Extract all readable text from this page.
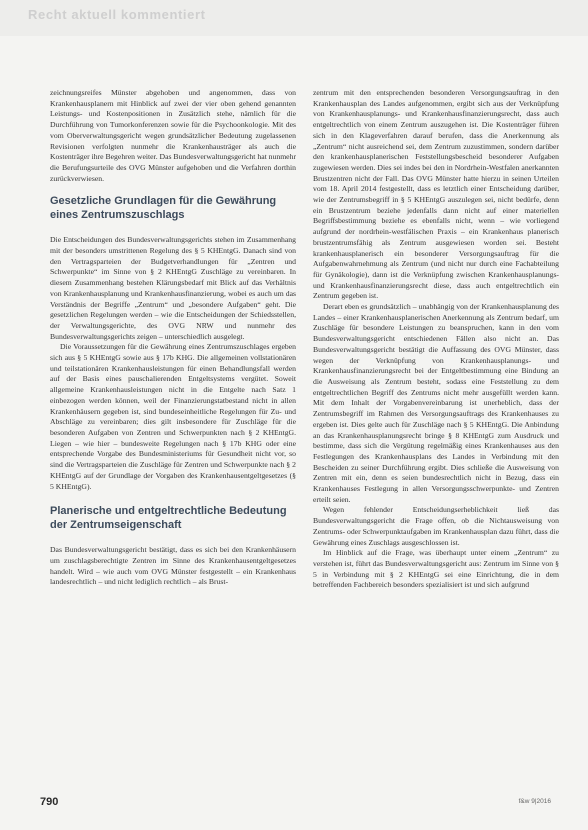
Recht aktuell kommentiert

zeichnungsreifes Münster abgehoben und angenommen, dass von Krankenhausplanern mit Hinblick auf zwei der vier oben gehend genannten Leistungs- und Kostenpositionen in Zusätzlich stehe, nämlich für die Durchführung von Tumorkonferenzen sowie für die Psychoonkologie. Mit des vom Oberverwaltungsgericht wegen grundsätzlicher Bedeutung zugelassenen Revisionen verfolgten nunmehr die Krankenhausträger als auch die Kostenträger ihre Begehren weiter. Das Bundesverwaltungsgericht hat nunmehr die Berufungsurteile des OVG Münster aufgehoben und die Verfahren dorthin zurückverwiesen.

Gesetzliche Grundlagen für die Gewährung eines Zentrumszuschlags

Die Entscheidungen des Bundesverwaltungsgerichts stehen im Zusammenhang mit der besonders umstrittenen Regelung des § 5 KHEntgG. Danach sind von den Vertragsparteien der Budgetverhandlungen für „Zentren und Schwerpunkte“ im Sinne von § 2 KHEntgG Zuschläge zu vereinbaren. In diesem Zusammenhang bestehen Klärungsbedarf mit Blick auf das Verhältnis von Krankenhausplanung und Krankenhausfinanzierung, wobei es auch um das Verständnis der Begriffe „Zentrum“ und „besondere Aufgaben“ geht. Die gesetzlichen Regelungen werden – wie die Entscheidungen der Schiedsstellen, der Verwaltungsgerichte, des OVG NRW und nunmehr des Bundesverwaltungsgerichts zeigen – unterschiedlich ausgelegt.

Die Voraussetzungen für die Gewährung eines Zentrumszuschlages ergeben sich aus § 5 KHEntgG sowie aus § 17b KHG. Die allgemeinen vollstationären und teilstationären Krankenhausleistungen für einen Behandlungsfall werden auf der Basis eines pauschalierenden Entgeltsystems vergütet. Soweit allgemeine Krankenhausleistungen nicht in die Entgelte nach Satz 1 einbezogen werden können, weil der Finanzierungstatbestand nicht in allen Krankenhäusern gegeben ist, sind bundeseinheitliche Regelungen für Zu- und Abschläge zu vereinbaren; dies gilt insbesondere für Zuschläge für die besonderen Aufgaben von Zentren und Schwerpunkten nach § 2 KHEntgG. Liegen – wie hier – bundesweite Regelungen nach § 17b KHG oder eine entsprechende Vorgabe des Bundesministeriums für Gesundheit nicht vor, so sind die Vertragsparteien die Zuschläge für Zentren und Schwerpunkte nach § 2 KHEntgG auf der Grundlage der Vorgaben des Krankenhausentgeltgesetzes (§ 5 KHEntgG).

Planerische und entgeltrechtliche Bedeutung der Zentrumseigenschaft

Das Bundesverwaltungsgericht bestätigt, dass es sich bei den Krankenhäusern um zuschlagsberechtigte Zentren im Sinne des Krankenhausentgeltgesetzes handelt. Wird – wie auch vom OVG Münster festgestellt – ein Krankenhaus landesrechtlich – und nicht lediglich rechtlich – als Brust-

zentrum mit den entsprechenden besonderen Versorgungsauftrag in den Krankenhausplan des Landes aufgenommen, ergibt sich aus der Verknüpfung von Krankenhausplanungs- und Krankenhausfinanzierungsrecht, dass auch entgeltrechtlich von einem Zentrum auszugehen ist. Die Kostenträger führen sich in den Klageverfahren darauf berufen, dass die Anerkennung als „Zentrum“ nicht ausreichend sei, dem Zentrum zuzustimmen, sondern darüber den krankenhausplanerischen Feststellungsbescheid besonderer Aufgaben zugewiesen werden. Dies sei indes bei den in Nordrhein-Westfalen anerkannten Brustzentren nicht der Fall. Das OVG Münster hatte hierzu in seinen Urteilen vom 18. April 2014 festgestellt, dass es letztlich einer Entscheidung darüber, wie der Zentrumsbegriff in § 5 KHEntgG auszulegen sei, nicht bedürfe, denn ein Brustzentrum beziehe jedenfalls dann nicht auf einer materiellen Begriffsbestimmung beziehe es ebenfalls nicht, wenn – wie vorliegend aufgrund der nordrhein-westfälischen Praxis – ein Krankenhaus planerisch brustzentrumsfähig als Zentrum ausgewiesen worden sei. Besteht krankenhausplanerisch ein besonderer Versorgungsauftrag für die Aufgabenwahrnehmung als Zentrum (und nicht nur durch eine Fachabteilung für Gynäkologie), dann ist die Verknüpfung zwischen Krankenhausplanungs- und Krankenhausfinanzierungsrecht diese, dass auch entgeltrechtlich ein Zentrum gegeben ist.

Derart eben es grundsätzlich – unabhängig von der Krankenhausplanung des Landes – einer Krankenhausplanerischen Anerkennung als Zentrum bedarf, um Zuschläge für besondere Leistungen zu beanspruchen, kann in den vom Bundesverwaltungsgericht entschiedenen Fällen also nicht an. Das Bundesverwaltungsgericht bestätigt die Auffassung des OVG Münster, dass wegen der Verknüpfung von Krankenhausplanungs- und Krankenhausfinanzierungsrecht bei der Entgeltbestimmung eine Bindung an die Ausweisung als Zentrum besteht, sodass eine Feststellung zu dem entgeltrechtlichen Begriff des Zentrums nicht mehr ausgefüllt werden kann. Mit dem Inhalt der Vorgabenvereinbarung ist unerheblich, dass der Zentrumsbegriff im Rahmen des Versorgungsauftrags des Krankenhauses zu ergeben ist. Dies gelte auch für Zuschläge nach § 5 KHEntgG. Die Anbindung an das Krankenhausplanungsrecht bringe § 8 KHEntgG zum Ausdruck und bestimme, dass sich die Vergütung regelmäßig eines Krankenhauses aus den Festlegungen des Krankenhausplans des Landes in Verbindung mit den Bescheiden zu seiner Durchführung ergibt. Dies schließe die Ausweisung von Zentren mit ein, denn es seien bundesrechtlich nicht in Bezug, dass ein Krankenhauses Festlegung in allen Versorgungsschwerpunkte- und Zentren erteilt seien.

Wegen fehlender Entscheidungserheblichkeit ließ das Bundesverwaltungsgericht die Frage offen, ob die Nichtausweisung von Zentrums- oder Schwerpunktaufgaben im Krankenhausplan dazu führt, dass die Gewährung eines Zuschlags ausgeschlossen ist.

Im Hinblick auf die Frage, was überhaupt unter einem „Zentrum“ zu verstehen ist, führt das Bundesverwaltungsgericht aus: Zentrum im Sinne von § 5 in Verbindung mit § 2 KHEntgG sei eine Einrichtung, die in dem betreffenden Fachbereich besonders spezialisiert ist und sich aufgrund

790	f&w 9|2016
